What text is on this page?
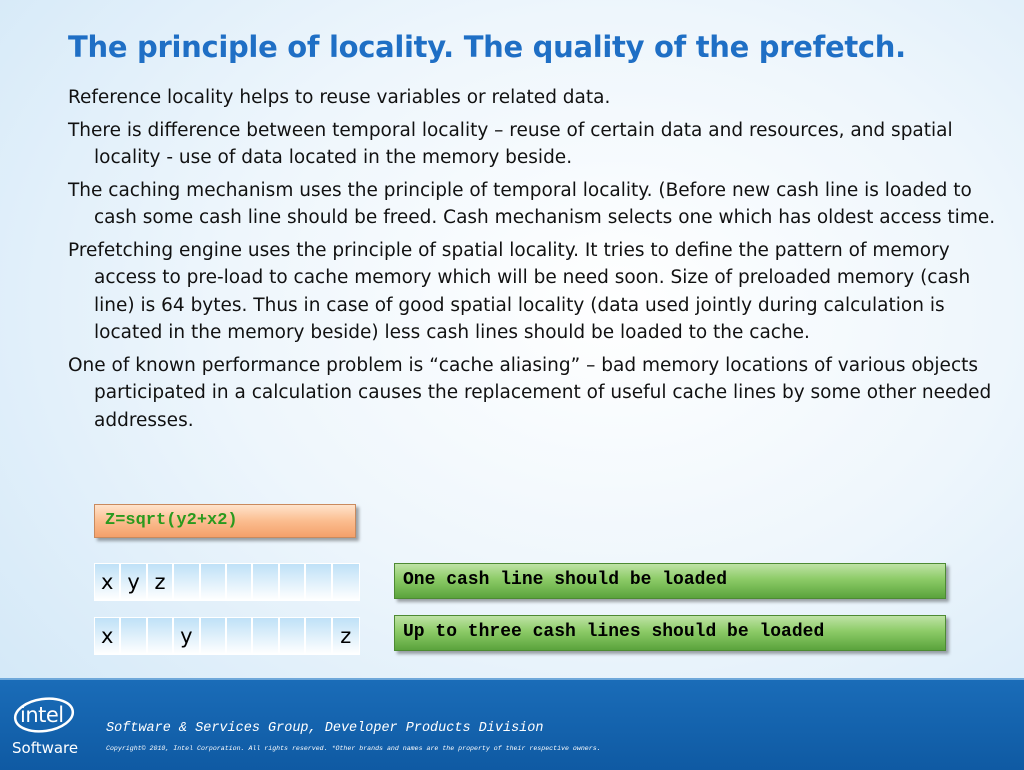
The principle of locality. The quality of the prefetch.
Reference locality helps to reuse variables or related data.
There is difference between temporal locality – reuse of certain data and resources, and spatial locality - use of data located in the memory beside.
The caching mechanism uses the principle of temporal locality. (Before new cash line is loaded to cash some cash line should be freed. Cash mechanism selects one which has oldest access time.
Prefetching engine uses the principle of spatial locality. It tries to define the pattern of memory access to pre-load to cache memory which will be need soon. Size of preloaded memory (cash line) is 64 bytes. Thus in case of good spatial locality (data used jointly during calculation is located in the memory beside) less cash lines should be loaded to the cache.
One of known performance problem is “cache aliasing” – bad memory locations of various objects participated in a calculation causes the replacement of useful cache lines by some other needed addresses.
Z=sqrt(y2+x2)
x y z
x	y	z
One cash line should be loaded
Up to three cash lines should be loaded
intel
Software
Software & Services Group, Developer Products Division
Copyright© 2010, Intel Corporation. All rights reserved. *Other brands and names are the property of their respective owners.
